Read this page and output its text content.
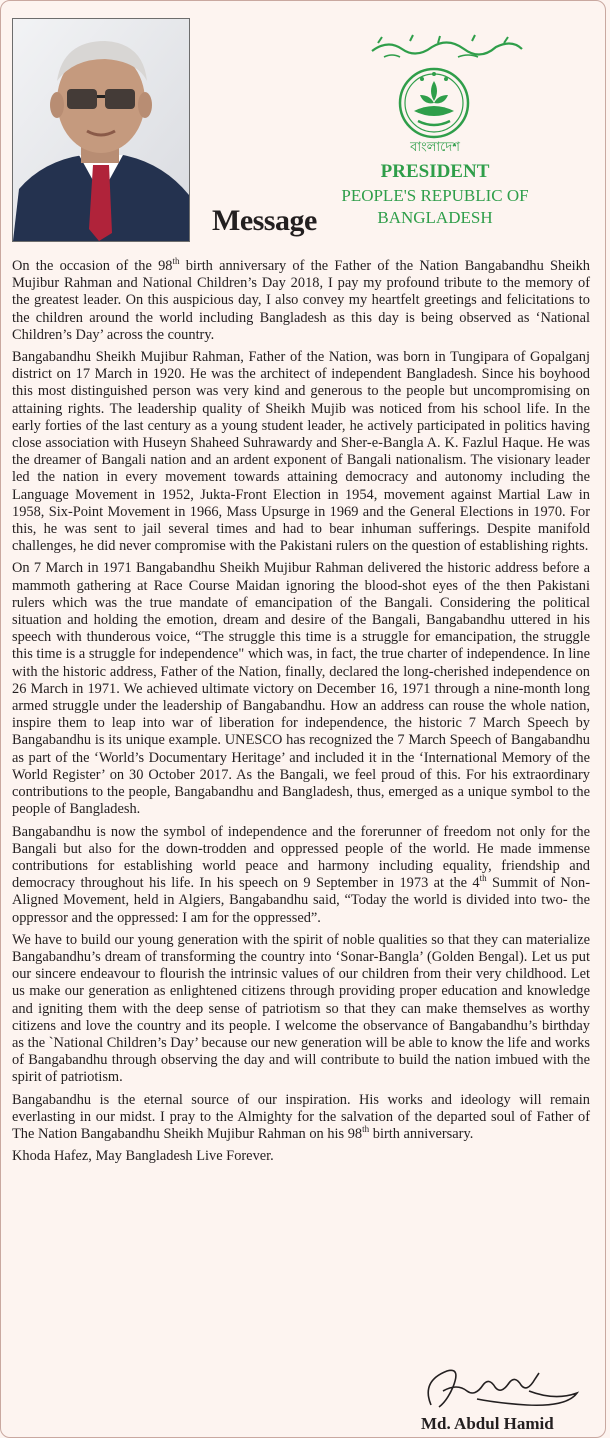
Message
বাংলাদেশ
PRESIDENT
PEOPLE'S REPUBLIC OF BANGLADESH

On the occasion of the 98th birth anniversary of the Father of the Nation Bangabandhu Sheikh Mujibur Rahman and National Children’s Day 2018, I pay my profound tribute to the memory of the greatest leader. On this auspicious day, I also convey my heartfelt greetings and felicitations to the children around the world including Bangladesh as this day is being observed as ‘National Children’s Day’ across the country.

Bangabandhu Sheikh Mujibur Rahman, Father of the Nation, was born in Tungipara of Gopalganj district on 17 March in 1920. He was the architect of independent Bangladesh. Since his boyhood this most distinguished person was very kind and generous to the people but uncompromising on attaining rights. The leadership quality of Sheikh Mujib was noticed from his school life. In the early forties of the last century as a young student leader, he actively participated in politics having close association with Huseyn Shaheed Suhrawardy and Sher-e-Bangla A. K. Fazlul Haque. He was the dreamer of Bangali nation and an ardent exponent of Bangali nationalism. The visionary leader led the nation in every movement towards attaining democracy and autonomy including the Language Movement in 1952, Jukta-Front Election in 1954, movement against Martial Law in 1958, Six-Point Movement in 1966, Mass Upsurge in 1969 and the General Elections in 1970. For this, he was sent to jail several times and had to bear inhuman sufferings. Despite manifold challenges, he did never compromise with the Pakistani rulers on the question of establishing rights.

On 7 March in 1971 Bangabandhu Sheikh Mujibur Rahman delivered the historic address before a mammoth gathering at Race Course Maidan ignoring the blood-shot eyes of the then Pakistani rulers which was the true mandate of emancipation of the Bangali. Considering the political situation and holding the emotion, dream and desire of the Bangali, Bangabandhu uttered in his speech with thunderous voice, “The struggle this time is a struggle for emancipation, the struggle this time is a struggle for independence" which was, in fact, the true charter of independence. In line with the historic address, Father of the Nation, finally, declared the long-cherished independence on 26 March in 1971. We achieved ultimate victory on December 16, 1971 through a nine-month long armed struggle under the leadership of Bangabandhu. How an address can rouse the whole nation, inspire them to leap into war of liberation for independence, the historic 7 March Speech by Bangabandhu is its unique example. UNESCO has recognized the 7 March Speech of Bangabandhu as part of the ‘World’s Documentary Heritage’ and included it in the ‘International Memory of the World Register’ on 30 October 2017. As the Bangali, we feel proud of this. For his extraordinary contributions to the people, Bangabandhu and Bangladesh, thus, emerged as a unique symbol to the people of Bangladesh.

Bangabandhu is now the symbol of independence and the forerunner of freedom not only for the Bangali but also for the down-trodden and oppressed people of the world. He made immense contributions for establishing world peace and harmony including equality, friendship and democracy throughout his life. In his speech on 9 September in 1973 at the 4th Summit of Non-Aligned Movement, held in Algiers, Bangabandhu said, “Today the world is divided into two- the oppressor and the oppressed: I am for the oppressed”.

We have to build our young generation with the spirit of noble qualities so that they can materialize Bangabandhu’s dream of transforming the country into ‘Sonar-Bangla’ (Golden Bengal). Let us put our sincere endeavour to flourish the intrinsic values of our children from their very childhood. Let us make our generation as enlightened citizens through providing proper education and knowledge and igniting them with the deep sense of patriotism so that they can make themselves as worthy citizens and love the country and its people. I welcome the observance of Bangabandhu’s birthday as the `National Children’s Day’ because our new generation will be able to know the life and works of Bangabandhu through observing the day and will contribute to build the nation imbued with the spirit of patriotism.

Bangabandhu is the eternal source of our inspiration. His works and ideology will remain everlasting in our midst. I pray to the Almighty for the salvation of the departed soul of Father of The Nation Bangabandhu Sheikh Mujibur Rahman on his 98th birth anniversary.

Khoda Hafez, May Bangladesh Live Forever.

Md. Abdul Hamid
